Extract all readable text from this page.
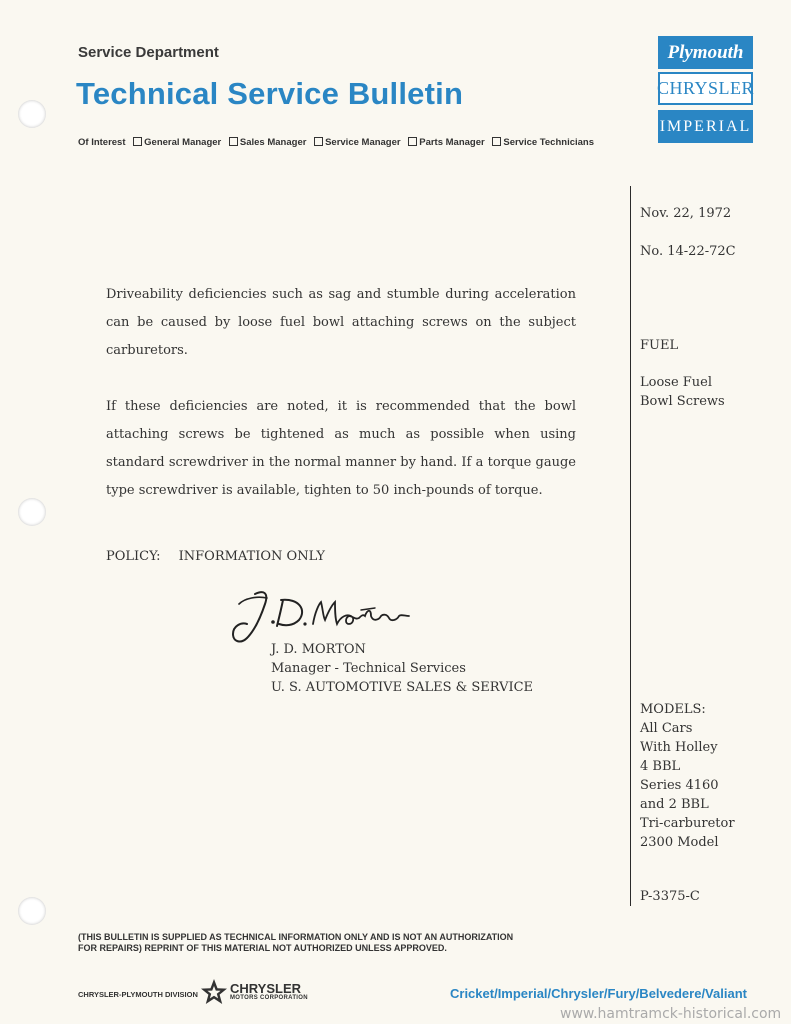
Service Department
Technical Service Bulletin
Of Interest General Manager Sales Manager Service Manager Parts Manager Service Technicians
Plymouth
CHRYSLER
IMPERIAL
Nov. 22, 1972
No. 14-22-72C
FUEL
Loose Fuel
Bowl Screws
MODELS:
All Cars
With Holley
4 BBL
Series 4160
and 2 BBL
Tri-carburetor
2300 Model
P-3375-C
Driveability deficiencies such as sag and stumble during acceleration can be caused by loose fuel bowl attaching screws on the subject carburetors.
If these deficiencies are noted, it is recommended that the bowl attaching screws be tightened as much as possible when using standard screwdriver in the normal manner by hand. If a torque gauge type screwdriver is available, tighten to 50 inch-pounds of torque.
POLICY: INFORMATION ONLY
J. D. MORTON
Manager - Technical Services
U. S. AUTOMOTIVE SALES & SERVICE
(THIS BULLETIN IS SUPPLIED AS TECHNICAL INFORMATION ONLY AND IS NOT AN AUTHORIZATION
FOR REPAIRS) REPRINT OF THIS MATERIAL NOT AUTHORIZED UNLESS APPROVED.
CHRYSLER-PLYMOUTH DIVISION CHRYSLER
MOTORS CORPORATION	Cricket/Imperial/Chrysler/Fury/Belvedere/Valiant
www.hamtramck-historical.com
